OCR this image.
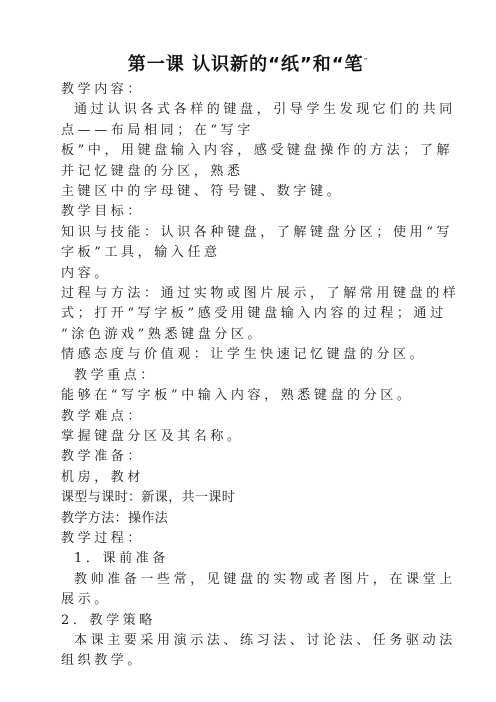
第一课 认识新的“纸”和“笔”
教学内容：
通过认识各式各样的键盘，引导学生发现它们的共同
点——布局相同；在“写字
板”中，用键盘输入内容，感受键盘操作的方法；了解
并记忆键盘的分区，熟悉
主键区中的字母键、符号键、数字键。
教学目标：
知识与技能：认识各种键盘，了解键盘分区；使用“写
字板”工具，输入任意
内容。
过程与方法：通过实物或图片展示，了解常用键盘的样
式；打开“写字板”感受用键盘输入内容的过程；通过
“涂色游戏”熟悉键盘分区。
情感态度与价值观：让学生快速记忆键盘的分区。
教学重点：
能够在“写字板”中输入内容，熟悉键盘的分区。
教学难点：
掌握键盘分区及其名称。
教学准备：
机房，教材
课型与课时：新课，共一课时
教学方法：操作法
教学过程：
1．课前准备
教帅准备一些常，见键盘的实物或者图片，在课堂上
展示。
2．教学策略
本课主要采用演示法、练习法、讨论法、任务驱动法
组织教学。
